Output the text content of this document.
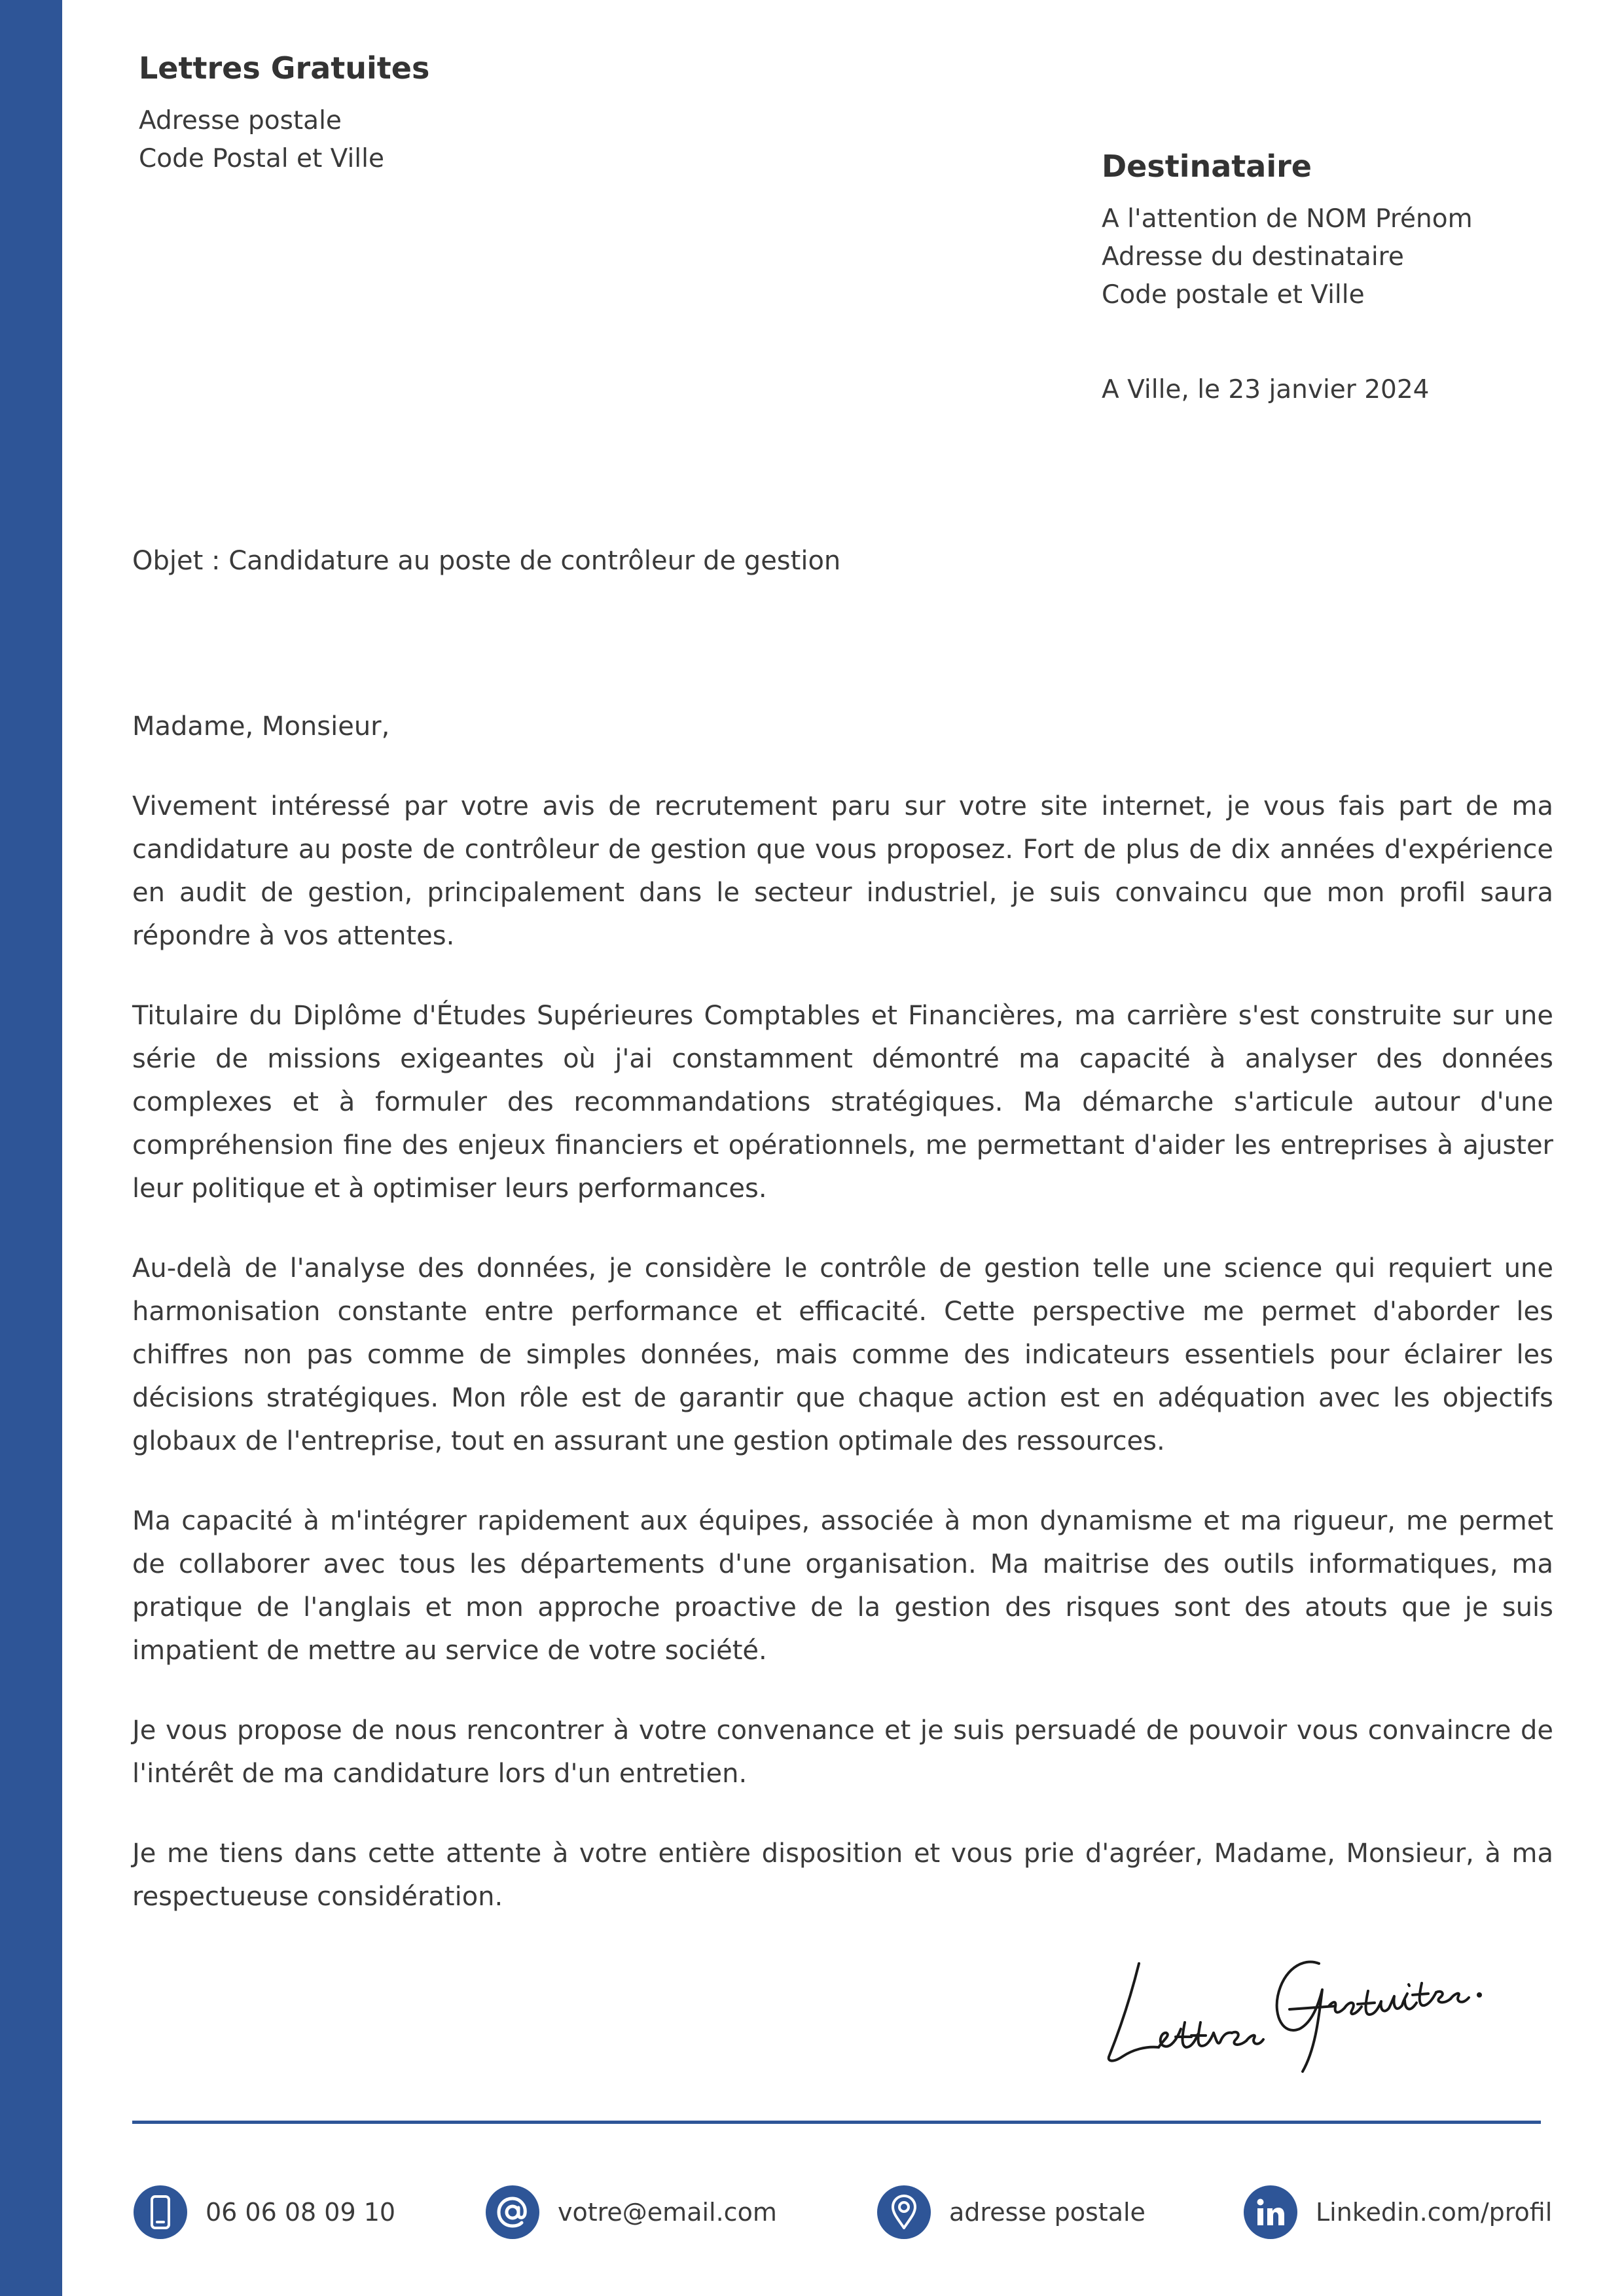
Lettres Gratuites
Adresse postale
Code Postal et Ville	Destinataire
A l'attention de NOM Prénom
Adresse du destinataire
Code postale et Ville
A Ville, le 23 janvier 2024
Objet : Candidature au poste de contrôleur de gestion

Madame, Monsieur,

Vivement intéressé par votre avis de recrutement paru sur votre site internet, je vous fais part de ma candidature au poste de contrôleur de gestion que vous proposez. Fort de plus de dix années d'expérience en audit de gestion, principalement dans le secteur industriel, je suis convaincu que mon profil saura répondre à vos attentes.

Titulaire du Diplôme d'Études Supérieures Comptables et Financières, ma carrière s'est construite sur une série de missions exigeantes où j'ai constamment démontré ma capacité à analyser des données complexes et à formuler des recommandations stratégiques. Ma démarche s'articule autour d'une compréhension fine des enjeux financiers et opérationnels, me permettant d'aider les entreprises à ajuster leur politique et à optimiser leurs performances.

Au-delà de l'analyse des données, je considère le contrôle de gestion telle une science qui requiert une harmonisation constante entre performance et efficacité. Cette perspective me permet d'aborder les chiffres non pas comme de simples données, mais comme des indicateurs essentiels pour éclairer les décisions stratégiques. Mon rôle est de garantir que chaque action est en adéquation avec les objectifs globaux de l'entreprise, tout en assurant une gestion optimale des ressources.

Ma capacité à m'intégrer rapidement aux équipes, associée à mon dynamisme et ma rigueur, me permet de collaborer avec tous les départements d'une organisation. Ma maitrise des outils informatiques, ma pratique de l'anglais et mon approche proactive de la gestion des risques sont des atouts que je suis impatient de mettre au service de votre société.

Je vous propose de nous rencontrer à votre convenance et je suis persuadé de pouvoir vous convaincre de l'intérêt de ma candidature lors d'un entretien.

Je me tiens dans cette attente à votre entière disposition et vous prie d'agréer, Madame, Monsieur, à ma respectueuse considération.

06 06 08 09 10	votre@email.com	adresse postale	Linkedin.com/profil
